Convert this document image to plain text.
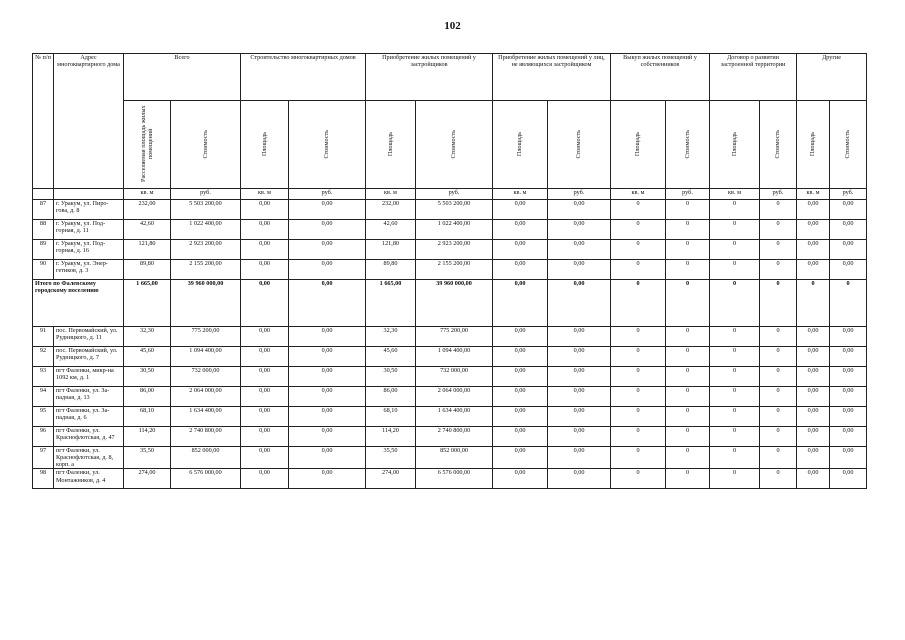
102
№ п/п	Адрес многоквартирного дома	Всего		Строительство многоквартирных домов		Приобретение жилых помещений у застройщиков		Приобретение жилых помещений у лиц, не являющихся застройщиком		Выкуп жилых помещений у собственников		Договор о развитии застроенной территории		Другие	

		Расселяемая площадь жилых помещений	Стоимость	Площадь	Стоимость	Площадь	Стоимость	Площадь	Стоимость	Площадь	Стоимость	Площадь	Стоимость	Площадь	Стоимость

		кв. м	руб.	кв. м	руб.	кв. м	руб.	кв. м	руб.	кв. м	руб.	кв. м	руб.	кв. м	руб.
87	г. Уракум, ул. Пиро-гова, д. 8	232,00	5 503 200,00	0,00	0,00	232,00	5 503 200,00	0,00	0,00	0	0	0	0	0,00	0,00
88	г. Уракум, ул. Под-горная, д. 11	42,60	1 022 400,00	0,00	0,00	42,60	1 022 400,00	0,00	0,00	0	0	0	0	0,00	0,00
89	г. Уракум, ул. Под-горная, д. 16	121,80	2 923 200,00	0,00	0,00	121,80	2 923 200,00	0,00	0,00	0	0	0	0	0,00	0,00
90	г. Уракум, ул. Энер-гетиков, д. 3	89,80	2 155 200,00	0,00	0,00	89,80	2 155 200,00	0,00	0,00	0	0	0	0	0,00	0,00
Итого по Фалевскому городскому поселению		1 665,00	39 960 000,00	0,00	0,00	1 665,00	39 960 000,00	0,00	0,00	0	0	0	0	0	0
91	пос. Первомайский, ул. Рудницкого, д. 11	32,30	775 200,00	0,00	0,00	32,30	775 200,00	0,00	0,00	0	0	0	0	0,00	0,00
92	пос. Первомайский, ул. Рудницкого, д. 7	45,60	1 094 400,00	0,00	0,00	45,60	1 094 400,00	0,00	0,00	0	0	0	0	0,00	0,00
93	пгт Фаленки, микр-на 1092 км, д. 1	30,50	732 000,00	0,00	0,00	30,50	732 000,00	0,00	0,00	0	0	0	0	0,00	0,00
94	пгт Фаленки, ул. За-падная, д. 13	86,00	2 064 000,00	0,00	0,00	86,00	2 064 000,00	0,00	0,00	0	0	0	0	0,00	0,00
95	пгт Фаленки, ул. За-падная, д. 6	68,10	1 634 400,00	0,00	0,00	68,10	1 634 400,00	0,00	0,00	0	0	0	0	0,00	0,00
96	пгт Фаленки, ул. Краснофлотская, д. 47	114,20	2 740 800,00	0,00	0,00	114,20	2 740 800,00	0,00	0,00	0	0	0	0	0,00	0,00
97	пгт Фаленки, ул. Краснофлотская, д. 8, корп. а	35,50	852 000,00	0,00	0,00	35,50	852 000,00	0,00	0,00	0	0	0	0	0,00	0,00
98	пгт Фаленки, ул. Монтажников, д. 4	274,00	6 576 000,00	0,00	0,00	274,00	6 576 000,00	0,00	0,00	0	0	0	0	0,00	0,00
